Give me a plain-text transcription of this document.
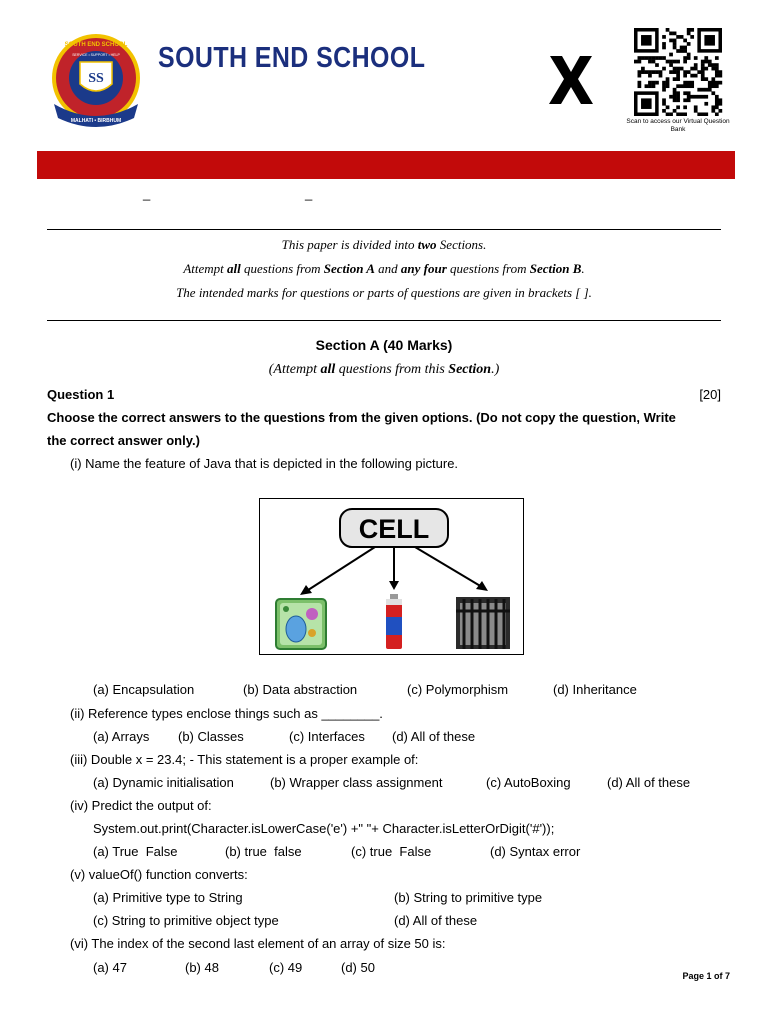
SS
MALHATI • BIRBHUM
SOUTH END SCHOOL
SERVICE • SUPPORT • HELP SOUTH END SCHOOL
Scan to access our Virtual Question Bank
_	_
This paper is divided into two Sections.
Attempt all questions from Section A and any four questions from Section B.
The intended marks for questions or parts of questions are given in brackets [ ].
Section A (40 Marks)
(Attempt all questions from this Section.)
Question 1	[20]
Choose the correct answers to the questions from the given options. (Do not copy the question, Write
the correct answer only.)
(i) Name the feature of Java that is depicted in the following picture.
CELL
(a) Encapsulation	(b) Data abstraction	(c) Polymorphism	(d) Inheritance
(ii) Reference types enclose things such as ________.
(a) Arrays (b) Classes	(c) Interfaces (d) All of these
(iii) Double x = 23.4; - This statement is a proper example of:
(a) Dynamic initialisation	(b) Wrapper class assignment	(c) AutoBoxing	(d) All of these
(iv) Predict the output of:
System.out.print(Character.isLowerCase('e') +" "+ Character.isLetterOrDigit('#'));
(a) True  False	(b) true  false	(c) true  False	(d) Syntax error
(v) valueOf() function converts:
(a) Primitive type to String	(b) String to primitive type
(c) String to primitive object type	(d) All of these
(vi) The index of the second last element of an array of size 50 is:
(a) 47	(b) 48	(c) 49	(d) 50
Page 1 of 7
